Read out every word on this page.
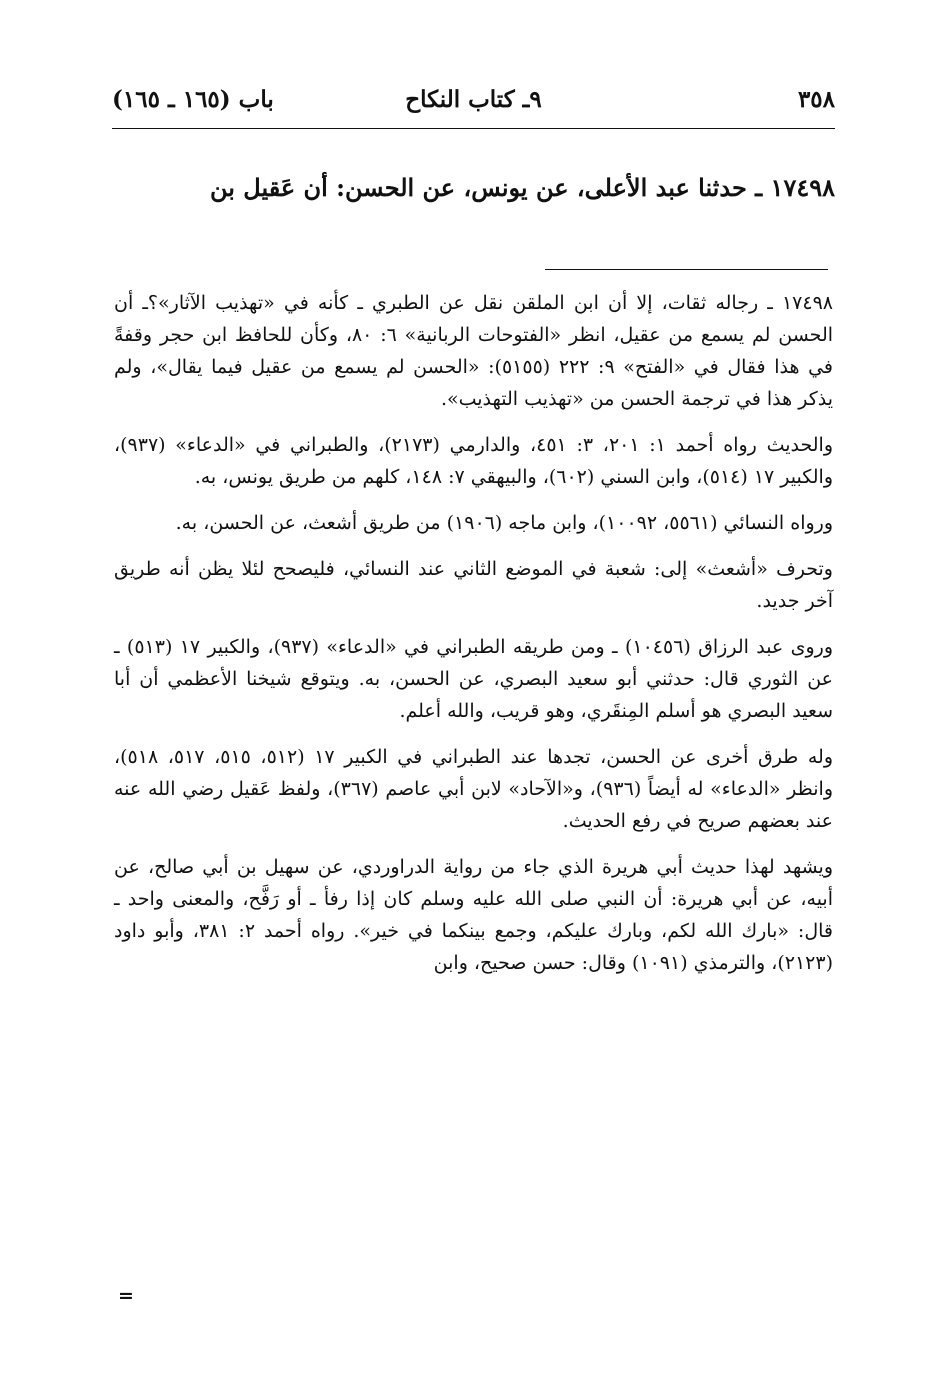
٣٥٨
٩ـ كتاب النكاح
باب (١٦٥ ـ ١٦٥)
١٧٤٩٨ ـ حدثنا عبد الأعلى، عن يونس، عن الحسن: أن عَقيل بن

١٧٤٩٨ ـ رجاله ثقات، إلا أن ابن الملقن نقل عن الطبري ـ كأنه في «تهذيب الآثار»؟ـ أن الحسن لم يسمع من عقيل، انظر «الفتوحات الربانية» ٦: ٨٠، وكأن للحافظ ابن حجر وقفةً في هذا فقال في «الفتح» ٩: ٢٢٢ (٥١٥٥): «الحسن لم يسمع من عقيل فيما يقال»، ولم يذكر هذا في ترجمة الحسن من «تهذيب التهذيب».

والحديث رواه أحمد ١: ٢٠١، ٣: ٤٥١، والدارمي (٢١٧٣)، والطبراني في «الدعاء» (٩٣٧)، والكبير ١٧ (٥١٤)، وابن السني (٦٠٢)، والبيهقي ٧: ١٤٨، كلهم من طريق يونس، به.

ورواه النسائي (٥٥٦١، ١٠٠٩٢)، وابن ماجه (١٩٠٦) من طريق أشعث، عن الحسن، به.

وتحرف «أشعث» إلى: شعبة في الموضع الثاني عند النسائي، فليصحح لئلا يظن أنه طريق آخر جديد.

وروى عبد الرزاق (١٠٤٥٦) ـ ومن طريقه الطبراني في «الدعاء» (٩٣٧)، والكبير ١٧ (٥١٣) ـ عن الثوري قال: حدثني أبو سعيد البصري، عن الحسن، به. ويتوقع شيخنا الأعظمي أن أبا سعيد البصري هو أسلم المِنقَري، وهو قريب، والله أعلم.

وله طرق أخرى عن الحسن، تجدها عند الطبراني في الكبير ١٧ (٥١٢، ٥١٥، ٥١٧، ٥١٨)، وانظر «الدعاء» له أيضاً (٩٣٦)، و«الآحاد» لابن أبي عاصم (٣٦٧)، ولفظ عَقيل رضي الله عنه عند بعضهم صريح في رفع الحديث.

ويشهد لهذا حديث أبي هريرة الذي جاء من رواية الدراوردي، عن سهيل بن أبي صالح، عن أبيه، عن أبي هريرة: أن النبي صلى الله عليه وسلم كان إذا رفأ ـ أو رَفَّح، والمعنى واحد ـ قال: «بارك الله لكم، وبارك عليكم، وجمع بينكما في خير». رواه أحمد ٢: ٣٨١، وأبو داود (٢١٢٣)، والترمذي (١٠٩١) وقال: حسن صحيح، وابن

=
